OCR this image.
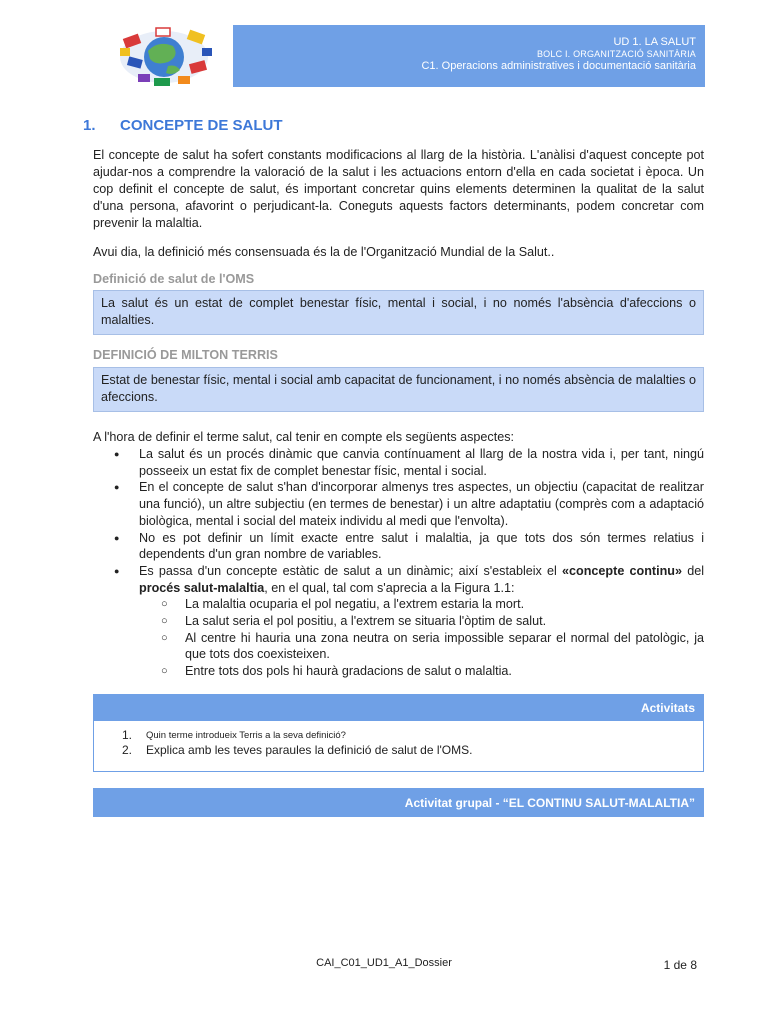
UD 1. LA SALUT
BOLC I. ORGANITZACIÓ SANITÀRIA
C1. Operacions administratives i documentació sanitària
1. CONCEPTE DE SALUT
El concepte de salut ha sofert constants modificacions al llarg de la història. L'anàlisi d'aquest concepte pot ajudar-nos a comprendre la valoració de la salut i les actuacions entorn d'ella en cada societat i època. Un cop definit el concepte de salut, és important concretar quins elements determinen la qualitat de la salut d'una persona, afavorint o perjudicant-la. Coneguts aquests factors determinants, podem concretar com prevenir la malaltia.
Avui dia, la definició més consensuada és la de l'Organització Mundial de la Salut..
Definició de salut de l'OMS
La salut és un estat de complet benestar físic, mental i social, i no només l'absència d'afeccions o malalties.
DEFINICIÓ DE MILTON TERRIS
Estat de benestar físic, mental i social amb capacitat de funcionament, i no només absència de malalties o afeccions.
A l'hora de definir el terme salut, cal tenir en compte els següents aspectes:
● La salut és un procés dinàmic que canvia contínuament al llarg de la nostra vida i, per tant, ningú posseeix un estat fix de complet benestar físic, mental i social.
● En el concepte de salut s'han d'incorporar almenys tres aspectes, un objectiu (capacitat de realitzar una funció), un altre subjectiu (en termes de benestar) i un altre adaptatiu (comprès com a adaptació biològica, mental i social del mateix individu al medi que l'envolta).
● No es pot definir un límit exacte entre salut i malaltia, ja que tots dos són termes relatius i dependents d'un gran nombre de variables.
● Es passa d'un concepte estàtic de salut a un dinàmic; així s'estableix el «concepte continu» del procés salut-malaltia, en el qual, tal com s'aprecia a la Figura 1.1:
○ La malaltia ocuparia el pol negatiu, a l'extrem estaria la mort.
○ La salut seria el pol positiu, a l'extrem se situaria l'òptim de salut.
○ Al centre hi hauria una zona neutra on seria impossible separar el normal del patològic, ja que tots dos coexisteixen.
○ Entre tots dos pols hi haurà gradacions de salut o malaltia.
Activitats
1. Quin terme introdueix Terris a la seva definició?
2. Explica amb les teves paraules la definició de salut de l'OMS.
Activitat grupal - “EL CONTINU SALUT-MALALTIA”
CAI_C01_UD1_A1_Dossier	1 de 8
